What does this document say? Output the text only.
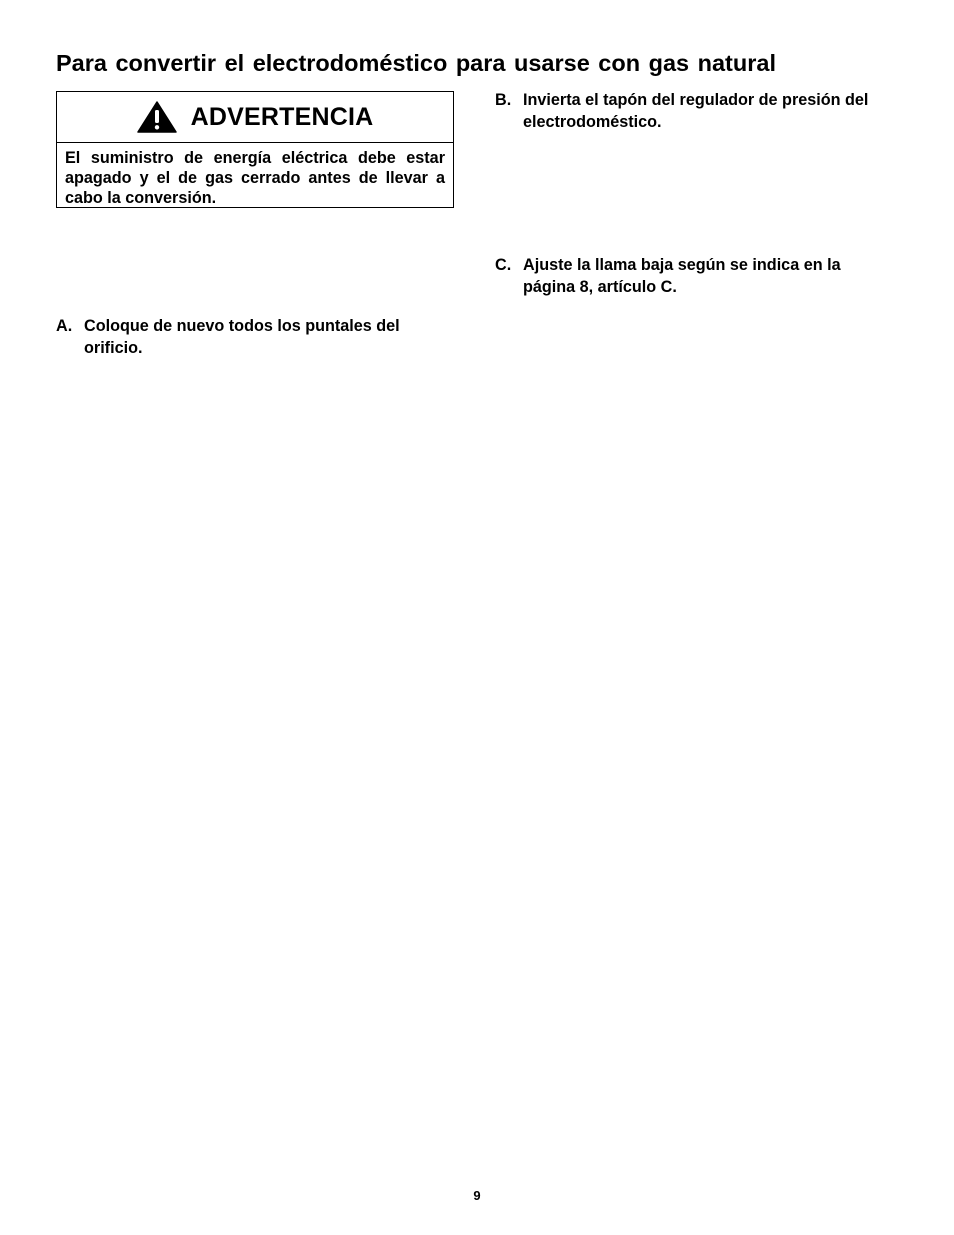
Para convertir el electrodoméstico para usarse con gas natural
ADVERTENCIA
El suministro de energía eléctrica debe estar apagado y el de gas cerrado antes de llevar a cabo la conversión.
A. Coloque de nuevo todos los puntales del orificio.
B. Invierta el tapón del regulador de presión del electrodoméstico.
C. Ajuste la llama baja según se indica en la página 8, artículo C.
9
